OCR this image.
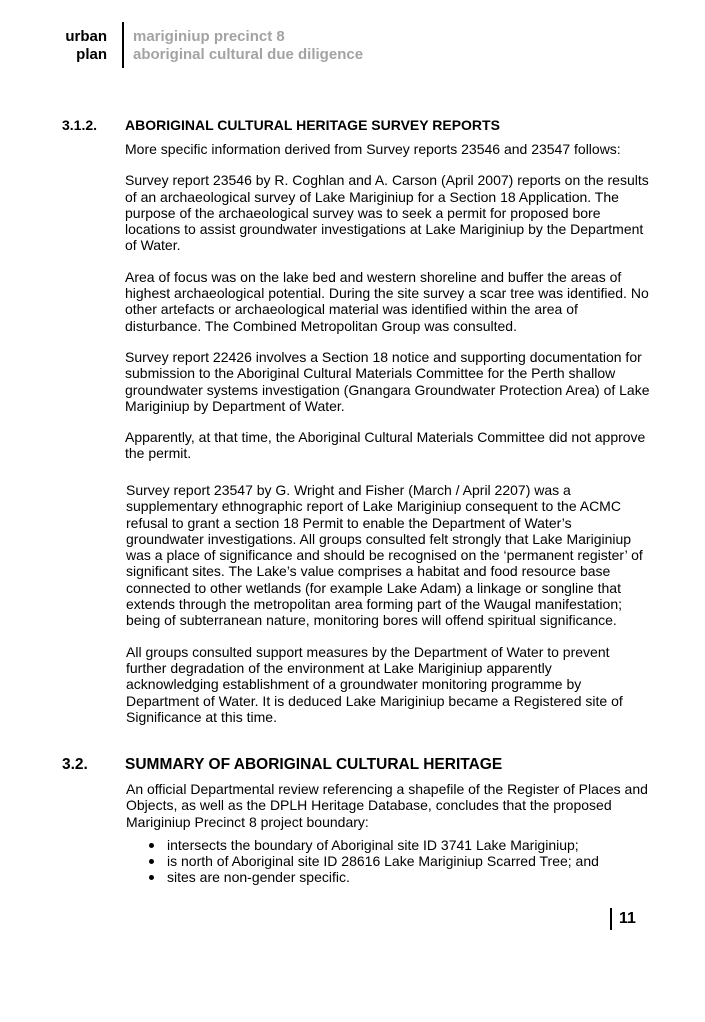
urban
plan
mariginiup precinct 8
aboriginal cultural due diligence
3.1.2. ABORIGINAL CULTURAL HERITAGE SURVEY REPORTS

More specific information derived from Survey reports 23546 and 23547 follows:

Survey report 23546 by R. Coghlan and A. Carson (April 2007) reports on the results of an archaeological survey of Lake Mariginiup for a Section 18 Application. The purpose of the archaeological survey was to seek a permit for proposed bore locations to assist groundwater investigations at Lake Mariginiup by the Department of Water.

Area of focus was on the lake bed and western shoreline and buffer the areas of highest archaeological potential. During the site survey a scar tree was identified. No other artefacts or archaeological material was identified within the area of disturbance. The Combined Metropolitan Group was consulted.

Survey report 22426 involves a Section 18 notice and supporting documentation for submission to the Aboriginal Cultural Materials Committee for the Perth shallow groundwater systems investigation (Gnangara Groundwater Protection Area) of Lake Mariginiup by Department of Water.

Apparently, at that time, the Aboriginal Cultural Materials Committee did not approve the permit.

Survey report 23547 by G. Wright and Fisher (March / April 2207) was a supplementary ethnographic report of Lake Mariginiup consequent to the ACMC refusal to grant a section 18 Permit to enable the Department of Water’s groundwater investigations. All groups consulted felt strongly that Lake Mariginiup was a place of significance and should be recognised on the ‘permanent register’ of significant sites. The Lake’s value comprises a habitat and food resource base connected to other wetlands (for example Lake Adam) a linkage or songline that extends through the metropolitan area forming part of the Waugal manifestation; being of subterranean nature, monitoring bores will offend spiritual significance.

All groups consulted support measures by the Department of Water to prevent further degradation of the environment at Lake Mariginiup apparently acknowledging establishment of a groundwater monitoring programme by Department of Water. It is deduced Lake Mariginiup became a Registered site of Significance at this time.

3.2. SUMMARY OF ABORIGINAL CULTURAL HERITAGE

An official Departmental review referencing a shapefile of the Register of Places and Objects, as well as the DPLH Heritage Database, concludes that the proposed Mariginiup Precinct 8 project boundary:

intersects the boundary of Aboriginal site ID 3741 Lake Mariginiup;
is north of Aboriginal site ID 28616 Lake Mariginiup Scarred Tree; and
sites are non-gender specific.
11
